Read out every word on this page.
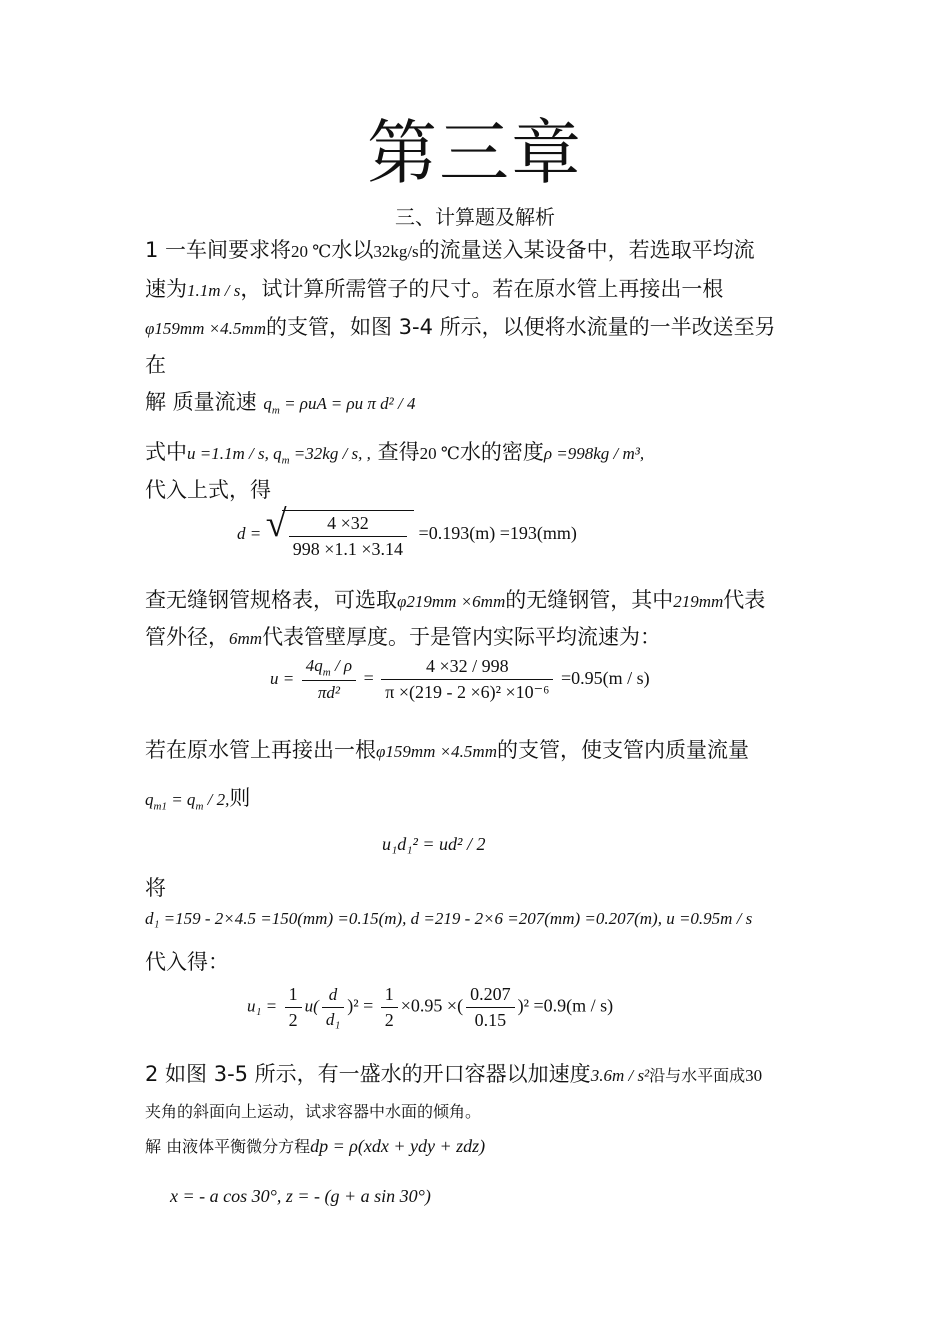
第三章
三、计算题及解析
1 一车间要求将20 ℃水以32kg/s的流量送入某设备中，若选取平均流
速为1.1m / s，试计算所需管子的尺寸。若在原水管上再接出一根
φ159mm ×4.5mm的支管，如图 3-4 所示，以便将水流量的一半改送至另
在
解 质量流速 $q_m = \rho uA = \rho u$ π d² / 4
式中u =1.1m / s, $q_m =32kg / s$, , 查得20 ℃水的密度ρ =998kg / m³,
代入上式，得
d =
√ $\frac{4 \times 32}{998 \times 1.1 \times 3.14} =0.193(m) =193(mm)$
查无缝钢管规格表，可选取φ219mm ×6mm的无缝钢管，其中219mm代表
管外径，6mm代表管壁厚度。于是管内实际平均流速为：
$u = \frac{4q_m / \rho}{\text{πd²}} = \frac{4 \times 32 / 998}{\text{π ×(219 - 2 ×6)² ×10⁻⁶}} =0.95(m / s)$
若在原水管上再接出一根φ159mm ×4.5mm的支管，使支管内质量流量
$q_{m1} = q_m / 2$,则
u₁d₁² = ud² / 2
将
d₁ =159 - 2×4.5 =150(mm) =0.15(m), d =219 - 2×6 =207(mm) =0.207(m), u =0.95m / s
代入得：
$u_1 = \frac{1}{2} u( \frac{d}{\text{d₁}} )^2 = \frac{1}{2} \times 0.95$ ×( $\frac{0.207}{0.15} )^2 =0.9(m / s)$
2 如图 3-5 所示，有一盛水的开口容器以加速度3.6m / s²沿与水平面成30
夹角的斜面向上运动，试求容器中水面的倾角。
解 由液体平衡微分方程dp = ρ(xdx + ydy + zdz)
x = - a cos 30°, z = - (g + a sin 30°)
